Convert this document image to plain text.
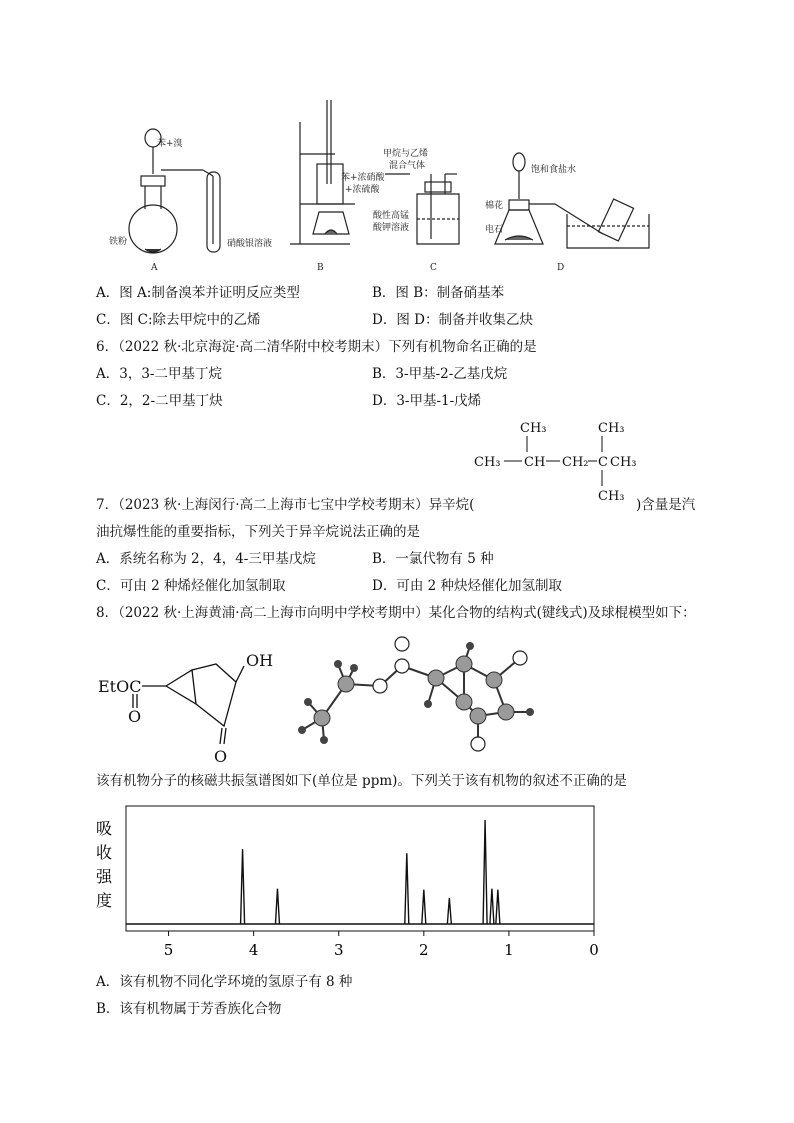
苯+溴
铁粉	硝酸银溶液
A
苯+浓硝酸
+浓硫酸
B
甲烷与乙烯
混合气体
酸性高锰
酸钾溶液
C
饱和食盐水
棉花
电石
D
A．图 A:制备溴苯并证明反应类型	B．图 B：制备硝基苯
C．图 C:除去甲烷中的乙烯	D．图 D：制备并收集乙炔
6．（2022 秋·北京海淀·高二清华附中校考期末）下列有机物命名正确的是
A．3，3-二甲基丁烷	B．3-甲基-2-乙基戊烷
C．2，2-二甲基丁炔	D．3-甲基-1-戊烯
CH₃	CH₃
CH₃ CH CH₂ C CH₃
CH₃
7．（2023 秋·上海闵行·高二上海市七宝中学校考期末）异辛烷(	)含量是汽
油抗爆性能的重要指标，下列关于异辛烷说法正确的是
A．系统名称为 2，4，4-三甲基戊烷	B．一氯代物有 5 种
C．可由 2 种烯烃催化加氢制取	D．可由 2 种炔烃催化加氢制取
8．（2022 秋·上海黄浦·高二上海市向明中学校考期中）某化合物的结构式(键线式)及球棍模型如下：
OH
EtOC
O
O
该有机物分子的核磁共振氢谱图如下(单位是 ppm)。下列关于该有机物的叙述不正确的是
吸
收
强
度
5	4	3	2	1	0
A．该有机物不同化学环境的氢原子有 8 种
B．该有机物属于芳香族化合物
